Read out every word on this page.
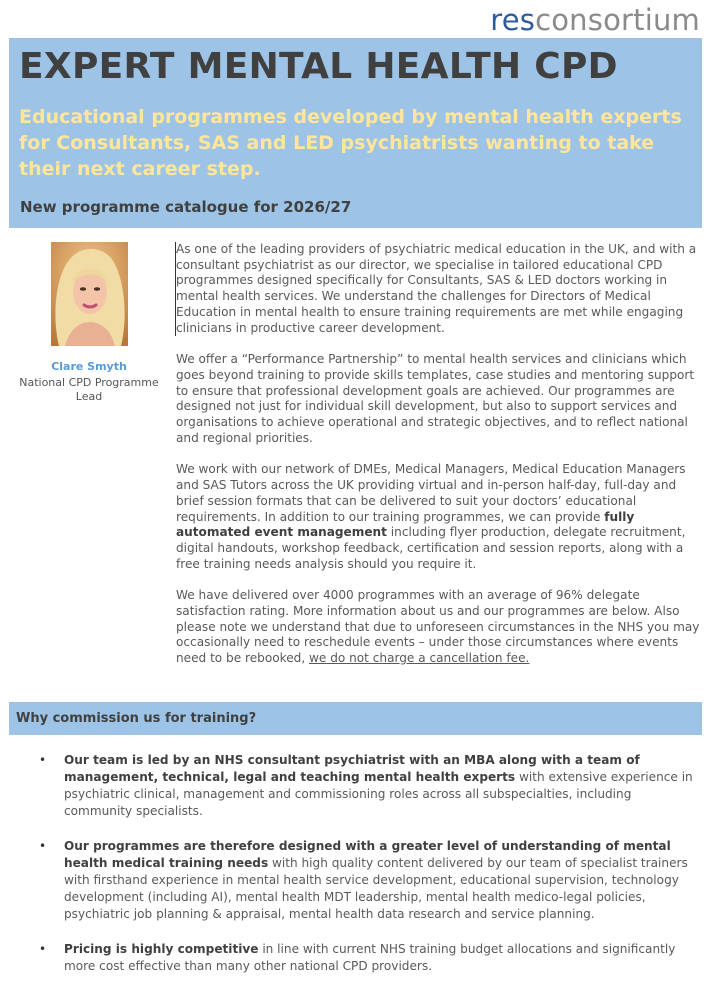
resconsortium
EXPERT MENTAL HEALTH CPD

Educational programmes developed by mental health experts for Consultants, SAS and LED psychiatrists wanting to take their next career step.

New programme catalogue for 2026/27

Clare Smyth
National CPD Programme Lead

As one of the leading providers of psychiatric medical education in the UK, and with a consultant psychiatrist as our director, we specialise in tailored educational CPD programmes designed specifically for Consultants, SAS & LED doctors working in mental health services. We understand the challenges for Directors of Medical Education in mental health to ensure training requirements are met while engaging clinicians in productive career development.

We offer a “Performance Partnership” to mental health services and clinicians which goes beyond training to provide skills templates, case studies and mentoring support to ensure that professional development goals are achieved. Our programmes are designed not just for individual skill development, but also to support services and organisations to achieve operational and strategic objectives, and to reflect national and regional priorities.

We work with our network of DMEs, Medical Managers, Medical Education Managers and SAS Tutors across the UK providing virtual and in-person half-day, full-day and brief session formats that can be delivered to suit your doctors’ educational requirements. In addition to our training programmes, we can provide fully automated event management including flyer production, delegate recruitment, digital handouts, workshop feedback, certification and session reports, along with a free training needs analysis should you require it.

We have delivered over 4000 programmes with an average of 96% delegate satisfaction rating. More information about us and our programmes are below. Also please note we understand that due to unforeseen circumstances in the NHS you may occasionally need to reschedule events – under those circumstances where events need to be rebooked, we do not charge a cancellation fee.

Why commission us for training?
• Our team is led by an NHS consultant psychiatrist with an MBA along with a team of management, technical, legal and teaching mental health experts with extensive experience in psychiatric clinical, management and commissioning roles across all subspecialties, including community specialists.
• Our programmes are therefore designed with a greater level of understanding of mental health medical training needs with high quality content delivered by our team of specialist trainers with firsthand experience in mental health service development, educational supervision, technology development (including AI), mental health MDT leadership, mental health medico-legal policies, psychiatric job planning & appraisal, mental health data research and service planning.
• Pricing is highly competitive in line with current NHS training budget allocations and significantly more cost effective than many other national CPD providers.
